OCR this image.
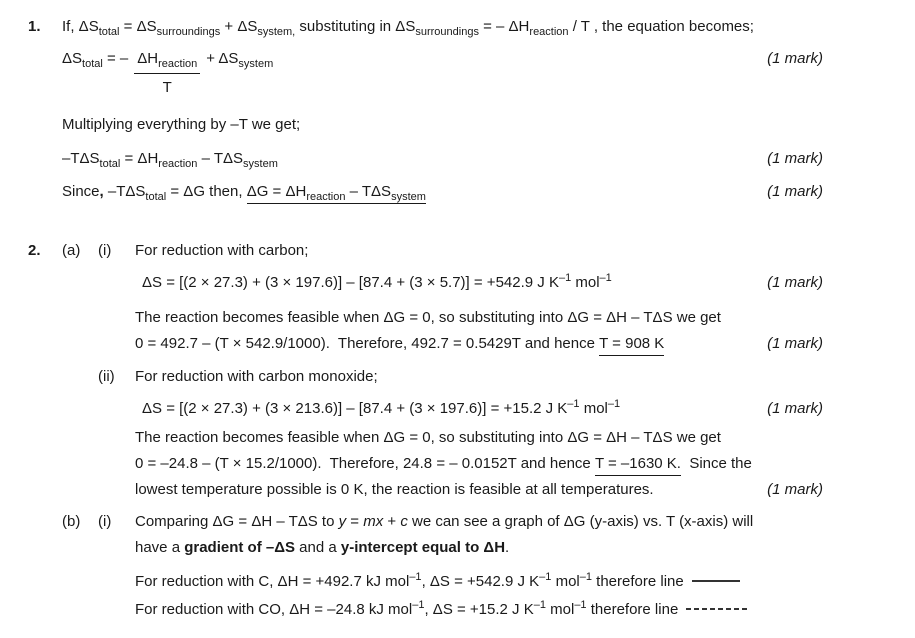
1. If, $\Delta S_{total} = \Delta S_{surroundings} + \Delta S_{system,}$ substituting in $\Delta S_{surroundings}$ = – $\Delta H_{reaction}$ / T , the equation becomes;
$\Delta S_{total}$ = – $\frac{\Delta H_{reaction}}{T} + \Delta S_{system}$	(1 mark)
Multiplying everything by –T we get;
$-T\Delta S_{total} = \Delta H_{reaction} - T\Delta S_{system}$	(1 mark)
Since, $-T\Delta S_{total} = \Delta G$ then, $\Delta G = \Delta H_{reaction} - T\Delta S_{system}$	(1 mark)
2. (a) (i) For reduction with carbon;
ΔS = [(2 × 27.3) + (3 × 197.6)] – [87.4 + (3 × 5.7)] = +542.9 J $K^{-1}$ mol$^{-1}$	(1 mark)
The reaction becomes feasible when ΔG = 0, so substituting into ΔG = ΔH – TΔS we get
0 = 492.7 – (T × 542.9/1000).  Therefore, 492.7 = 0.5429T and hence T = 908 K	(1 mark)
(ii) For reduction with carbon monoxide;
ΔS = [(2 × 27.3) + (3 × 213.6)] – [87.4 + (3 × 197.6)] = +15.2 J $K^{-1}$ mol$^{-1}$	(1 mark)
The reaction becomes feasible when ΔG = 0, so substituting into ΔG = ΔH – TΔS we get
0 = –24.8 – (T × 15.2/1000).  Therefore, 24.8 = – 0.0152T and hence T = –1630 K.  Since the
lowest temperature possible is 0 K, the reaction is feasible at all temperatures.	(1 mark)
(b) (i) Comparing ΔG = ΔH – TΔS to y = mx + c we can see a graph of ΔG (y-axis) vs. T (x-axis) will
have a gradient of –ΔS and a y-intercept equal to ΔH.
For reduction with C, ΔH = +492.7 kJ mol$^{-1}$, ΔS = +542.9 J $K^{-1}$ mol$^{-1}$ therefore line
For reduction with CO, ΔH = –24.8 kJ mol$^{-1}$, ΔS = +15.2 J $K^{-1}$ mol$^{-1}$ therefore line
